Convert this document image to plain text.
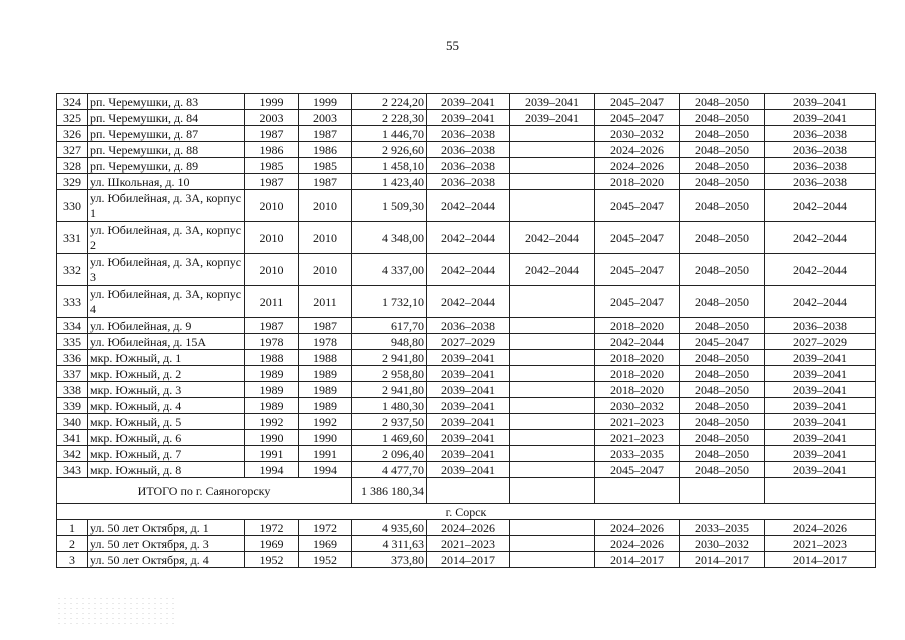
55
324	рп. Черемушки, д. 83	1999	1999	2 224,20	2039–2041	2039–2041	2045–2047	2048–2050	2039–2041
325	рп. Черемушки, д. 84	2003	2003	2 228,30	2039–2041	2039–2041	2045–2047	2048–2050	2039–2041
326	рп. Черемушки, д. 87	1987	1987	1 446,70	2036–2038		2030–2032	2048–2050	2036–2038
327	рп. Черемушки, д. 88	1986	1986	2 926,60	2036–2038		2024–2026	2048–2050	2036–2038
328	рп. Черемушки, д. 89	1985	1985	1 458,10	2036–2038		2024–2026	2048–2050	2036–2038
329	ул. Школьная, д. 10	1987	1987	1 423,40	2036–2038		2018–2020	2048–2050	2036–2038
330	ул. Юбилейная, д. 3А, корпус 1	2010	2010	1 509,30	2042–2044		2045–2047	2048–2050	2042–2044
331	ул. Юбилейная, д. 3А, корпус 2	2010	2010	4 348,00	2042–2044	2042–2044	2045–2047	2048–2050	2042–2044
332	ул. Юбилейная, д. 3А, корпус 3	2010	2010	4 337,00	2042–2044	2042–2044	2045–2047	2048–2050	2042–2044
333	ул. Юбилейная, д. 3А, корпус 4	2011	2011	1 732,10	2042–2044		2045–2047	2048–2050	2042–2044
334	ул. Юбилейная, д. 9	1987	1987	617,70	2036–2038		2018–2020	2048–2050	2036–2038
335	ул. Юбилейная, д. 15А	1978	1978	948,80	2027–2029		2042–2044	2045–2047	2027–2029
336	мкр. Южный, д. 1	1988	1988	2 941,80	2039–2041		2018–2020	2048–2050	2039–2041
337	мкр. Южный, д. 2	1989	1989	2 958,80	2039–2041		2018–2020	2048–2050	2039–2041
338	мкр. Южный, д. 3	1989	1989	2 941,80	2039–2041		2018–2020	2048–2050	2039–2041
339	мкр. Южный, д. 4	1989	1989	1 480,30	2039–2041		2030–2032	2048–2050	2039–2041
340	мкр. Южный, д. 5	1992	1992	2 937,50	2039–2041		2021–2023	2048–2050	2039–2041
341	мкр. Южный, д. 6	1990	1990	1 469,60	2039–2041		2021–2023	2048–2050	2039–2041
342	мкр. Южный, д. 7	1991	1991	2 096,40	2039–2041		2033–2035	2048–2050	2039–2041
343	мкр. Южный, д. 8	1994	1994	4 477,70	2039–2041		2045–2047	2048–2050	2039–2041
ИТОГО по г. Саяногорску				1 386 180,34					
г. Сорск									
1	ул. 50 лет Октября, д. 1	1972	1972	4 935,60	2024–2026		2024–2026	2033–2035	2024–2026
2	ул. 50 лет Октября, д. 3	1969	1969	4 311,63	2021–2023		2024–2026	2030–2032	2021–2023
3	ул. 50 лет Октября, д. 4	1952	1952	373,80	2014–2017		2014–2017	2014–2017	2014–2017
